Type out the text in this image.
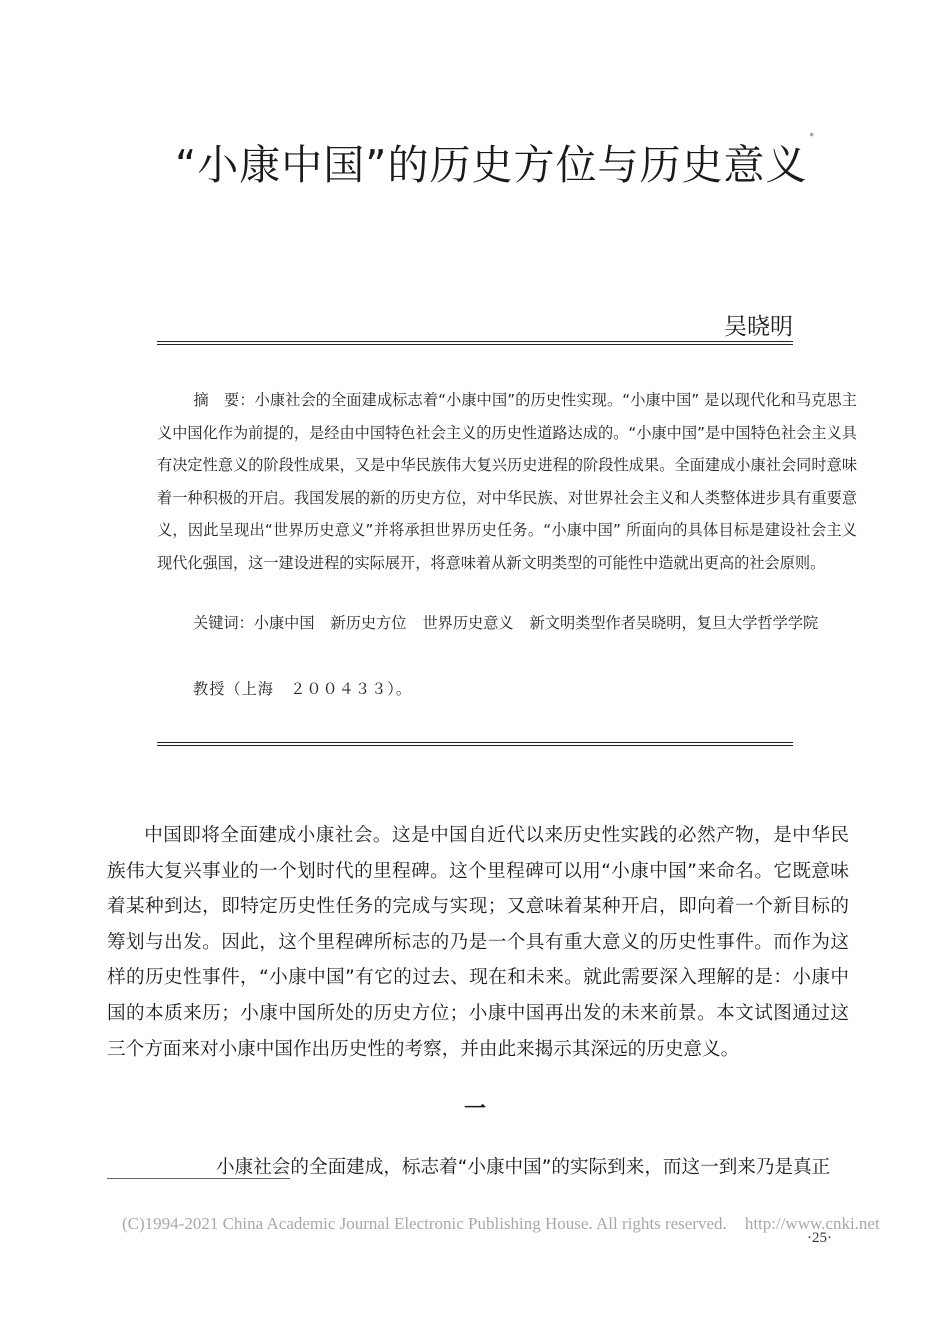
“小康中国”的历史方位与历史意义*
吴晓明

摘　要：小康社会的全面建成标志着“小康中国”的历史性实现。“小康中国” 是以现代化和马克思主义中国化作为前提的，是经由中国特色社会主义的历史性道路达成的。“小康中国”是中国特色社会主义具有决定性意义的阶段性成果，又是中华民族伟大复兴历史进程的阶段性成果。全面建成小康社会同时意味着一种积极的开启。我国发展的新的历史方位，对中华民族、对世界社会主义和人类整体进步具有重要意义，因此呈现出“世界历史意义”并将承担世界历史任务。“小康中国” 所面向的具体目标是建设社会主义现代化强国，这一建设进程的实际展开，将意味着从新文明类型的可能性中造就出更高的社会原则。

关键词：小康中国 新历史方位 世界历史意义 新文明类型作者吴晓明，复旦大学哲学学院
教授（上海　２００４３３）。

中国即将全面建成小康社会。这是中国自近代以来历史性实践的必然产物，是中华民族伟大复兴事业的一个划时代的里程碑。这个里程碑可以用“小康中国”来命名。它既意味着某种到达，即特定历史性任务的完成与实现；又意味着某种开启，即向着一个新目标的筹划与出发。因此，这个里程碑所标志的乃是一个具有重大意义的历史性事件。而作为这样的历史性事件，“小康中国”有它的过去、现在和未来。就此需要深入理解的是：小康中国的本质来历；小康中国所处的历史方位；小康中国再出发的未来前景。本文试图通过这三个方面来对小康中国作出历史性的考察，并由此来揭示其深远的历史意义。

一
小康社会的全面建成，标志着“小康中国”的实际到来，而这一到来乃是真正
(C)1994-2021 China Academic Journal Electronic Publishing House. All rights reserved. http://www.cnki.net
·25·
